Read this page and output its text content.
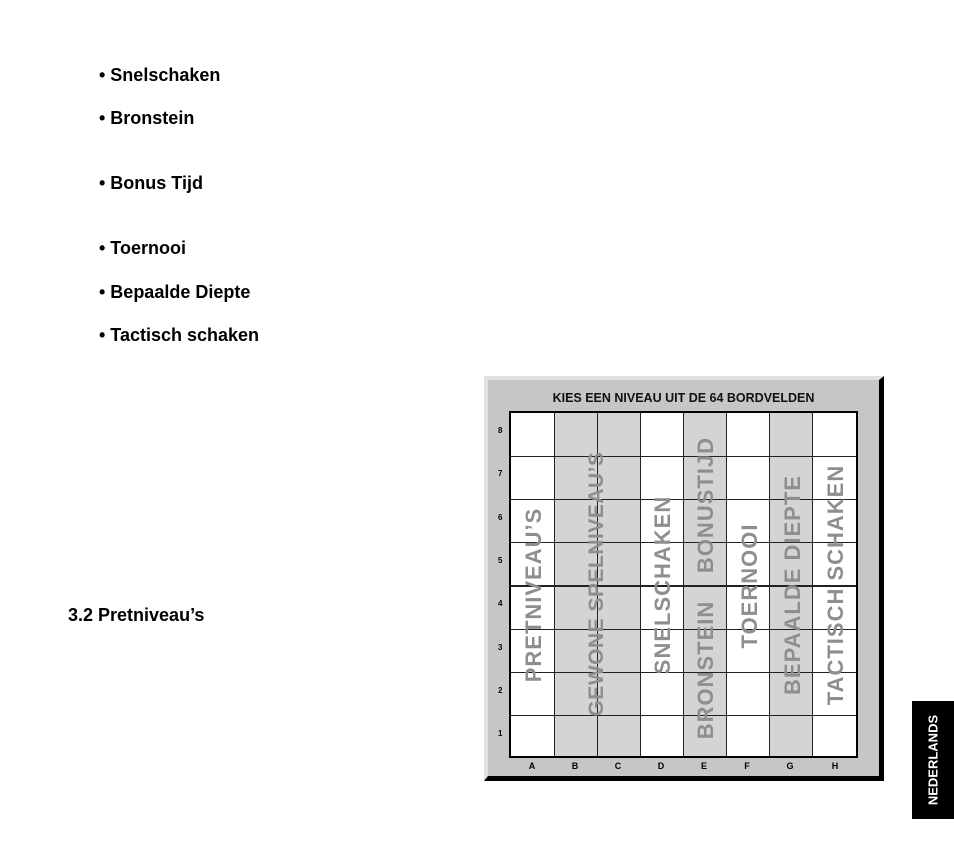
• Snelschaken
• Bronstein
• Bonus Tijd
• Toernooi
• Bepaalde Diepte
• Tactisch schaken
3.2 Pretniveau’s
KIES EEN NIVEAU UIT DE 64 BORDVELDEN
PRETNIVEAU’S GEWONE SPELNIVEAU’S SNELSCHAKEN BONUSTIJD
BRONSTEIN
TOERNOOI BEPAALDE DIEPTE TACTISCH SCHAKEN
8
7
6
5
4
3
2
1
A	B	C	D	E	F	G	H	NEDERLANDS
